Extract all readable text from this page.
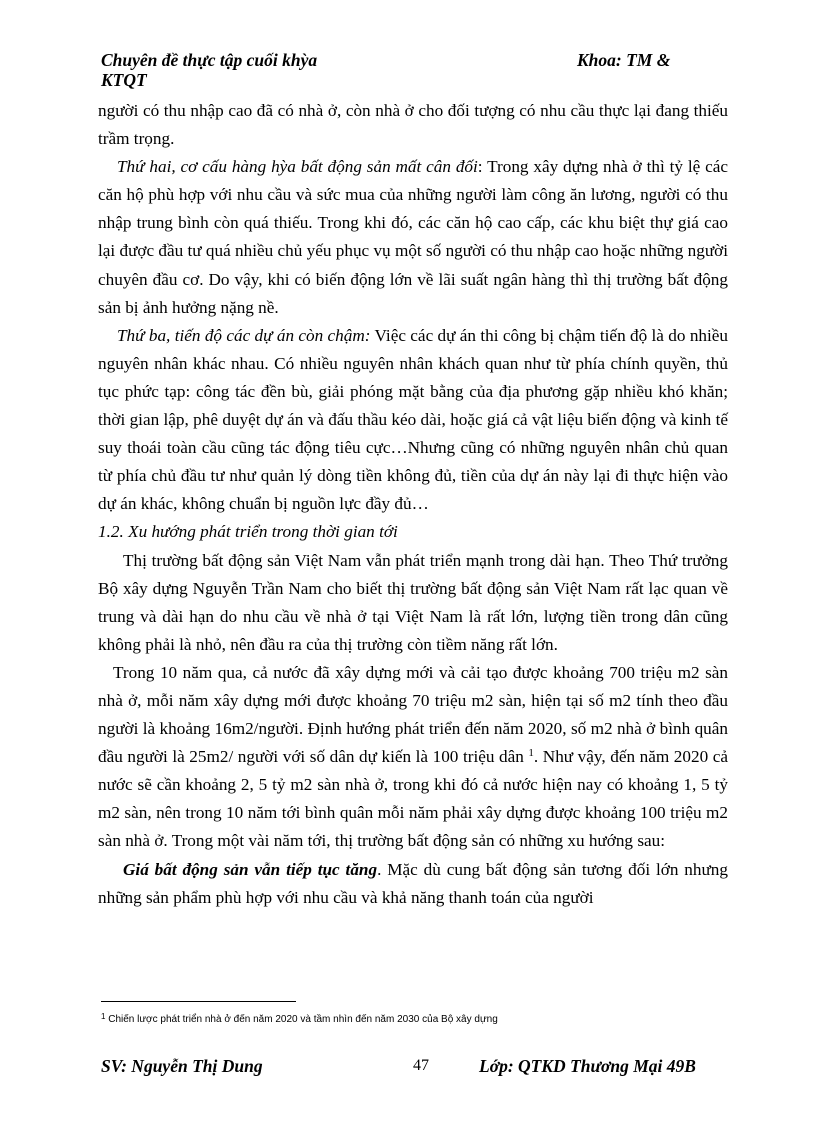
Chuyên đề thực tập cuối khỳa	Khoa: TM &
KTQT

người có thu nhập cao đã có nhà ở, còn nhà ở cho đối tượng có nhu cầu thực lại đang thiếu trầm trọng.

Thứ hai, cơ cấu hàng hỳa bất động sản mất cân đối: Trong xây dựng nhà ở thì tỷ lệ các căn hộ phù hợp với nhu cầu và sức mua của những người làm công ăn lương, người có thu nhập trung bình còn quá thiếu. Trong khi đó, các căn hộ cao cấp, các khu biệt thự giá cao lại được đầu tư quá nhiều chủ yếu phục vụ một số người có thu nhập cao hoặc những người chuyên đầu cơ. Do vậy, khi có biến động lớn về lãi suất ngân hàng thì thị trường bất động sản bị ảnh hưởng nặng nề.

Thứ ba, tiến độ các dự án còn chậm: Việc các dự án thi công bị chậm tiến độ là do nhiều nguyên nhân khác nhau. Có nhiều nguyên nhân khách quan như từ phía chính quyền, thủ tục phức tạp: công tác đền bù, giải phóng mặt bằng của địa phương gặp nhiều khó khăn; thời gian lập, phê duyệt dự án và đấu thầu kéo dài, hoặc giá cả vật liệu biến động và kinh tế suy thoái toàn cầu cũng tác động tiêu cực…Nhưng cũng có những nguyên nhân chủ quan từ phía chủ đầu tư như quản lý dòng tiền không đủ, tiền của dự án này lại đi thực hiện vào dự án khác, không chuẩn bị nguồn lực đầy đủ…

1.2. Xu hướng phát triển trong thời gian tới

Thị trường bất động sản Việt Nam vẫn phát triển mạnh trong dài hạn. Theo Thứ trưởng Bộ xây dựng Nguyễn Trần Nam cho biết thị trường bất động sản Việt Nam rất lạc quan về trung và dài hạn do nhu cầu về nhà ở tại Việt Nam là rất lớn, lượng tiền trong dân cũng không phải là nhỏ, nên đầu ra của thị trường còn tiềm năng rất lớn.

Trong 10 năm qua, cả nước đã xây dựng mới và cải tạo được khoảng 700 triệu m2 sàn nhà ở, mỗi năm xây dựng mới được khoảng 70 triệu m2 sàn, hiện tại số m2 tính theo đầu người là khoảng 16m2/người. Định hướng phát triển đến năm 2020, số m2 nhà ở bình quân đầu người là 25m2/ người với số dân dự kiến là 100 triệu dân $^1$. Như vậy, đến năm 2020 cả nước sẽ cần khoảng 2, 5 tỷ m2 sàn nhà ở, trong khi đó cả nước hiện nay có khoảng 1, 5 tỷ m2 sàn, nên trong 10 năm tới bình quân mỗi năm phải xây dựng được khoảng 100 triệu m2 sàn nhà ở. Trong một vài năm tới, thị trường bất động sản có những xu hướng sau:

Giá bất động sản vẫn tiếp tục tăng. Mặc dù cung bất động sản tương đối lớn nhưng những sản phẩm phù hợp với nhu cầu và khả năng thanh toán của người

$^1$ Chiến lược phát triển nhà ở đến năm 2020 và tầm nhìn đến năm 2030 của Bộ xây dựng
SV: Nguyễn Thị Dung	47	Lớp: QTKD Thương Mại 49B
